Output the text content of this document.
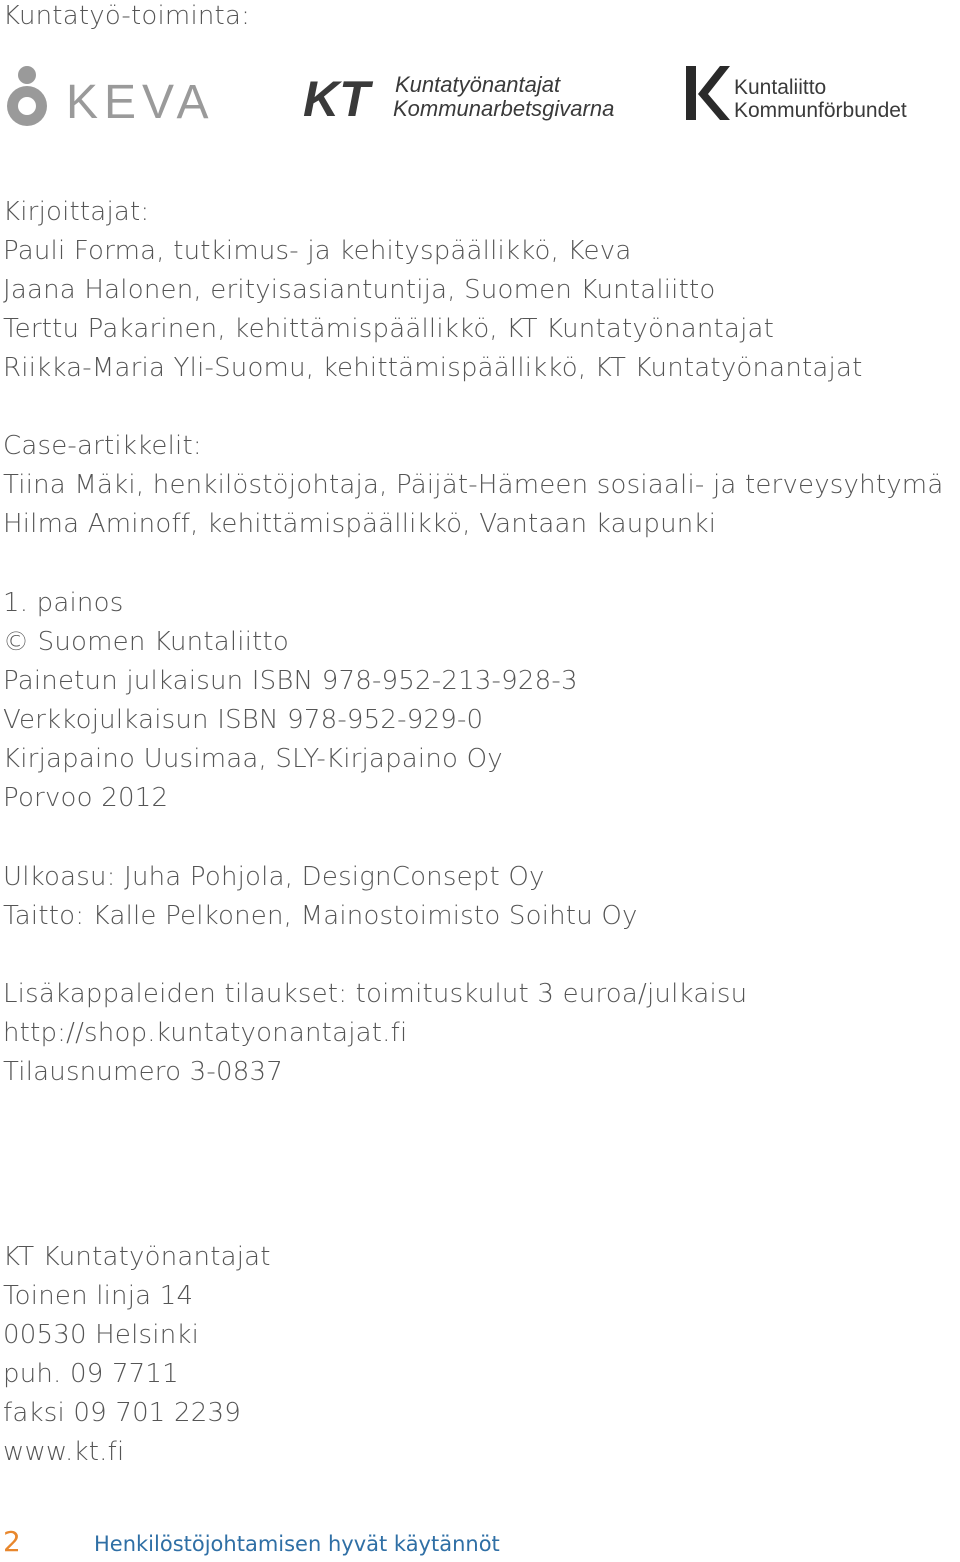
Kuntatyö-toiminta:

KEVA KT Kuntatyönantajat
Kommunarbetsgivarna
Kuntaliitto
Kommunförbundet

Kirjoittajat:

Pauli Forma, tutkimus- ja kehityspäällikkö, Keva

Jaana Halonen, erityisasiantuntija, Suomen Kuntaliitto

Terttu Pakarinen, kehittämispäällikkö, KT Kuntatyönantajat

Riikka-Maria Yli-Suomu, kehittämispäällikkö, KT Kuntatyönantajat

Case-artikkelit:

Tiina Mäki, henkilöstöjohtaja, Päijät-Hämeen sosiaali- ja terveysyhtymä

Hilma Aminoff, kehittämispäällikkö, Vantaan kaupunki

1. painos

© Suomen Kuntaliitto

Painetun julkaisun ISBN 978-952-213-928-3

Verkkojulkaisun ISBN 978-952-929-0

Kirjapaino Uusimaa, SLY-Kirjapaino Oy

Porvoo 2012

Ulkoasu: Juha Pohjola, DesignConsept Oy

Taitto: Kalle Pelkonen, Mainostoimisto Soihtu Oy

Lisäkappaleiden tilaukset: toimituskulut 3 euroa/julkaisu

http://shop.kuntatyonantajat.fi

Tilausnumero 3-0837

KT Kuntatyönantajat

Toinen linja 14

00530 Helsinki

puh. 09 7711

faksi 09 701 2239

www.kt.fi

2	Henkilöstöjohtamisen hyvät käytännöt
